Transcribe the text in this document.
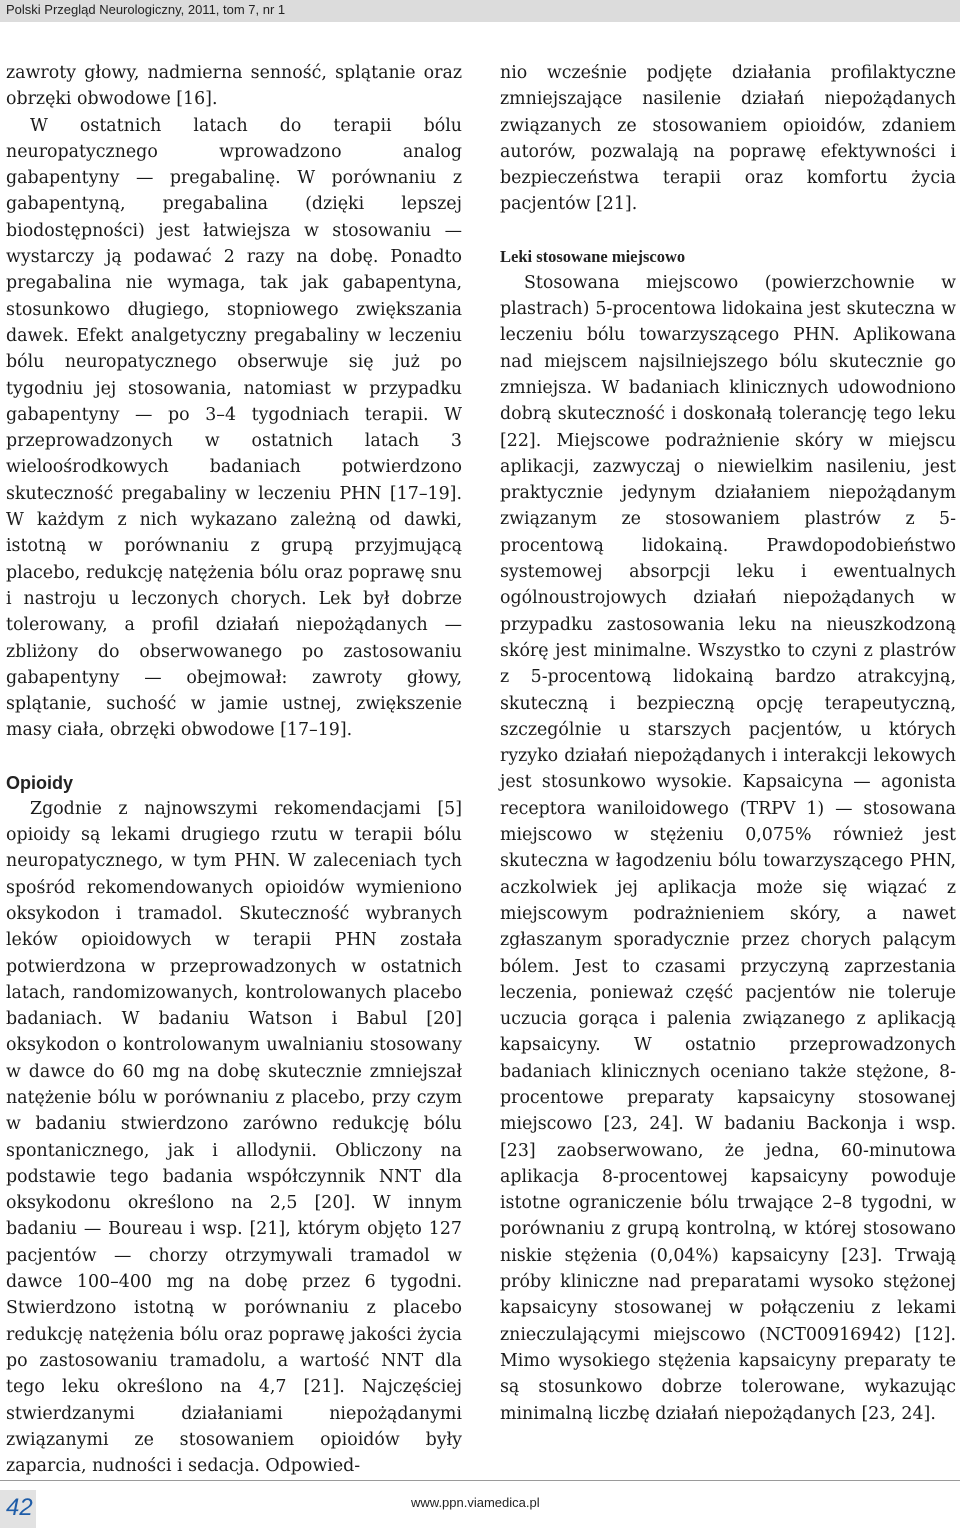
Polski Przegląd Neurologiczny, 2011, tom 7, nr 1

zawroty głowy, nadmierna senność, splątanie oraz obrzęki obwodowe [16].

W ostatnich latach do terapii bólu neuropatycznego wprowadzono analog gabapentyny — pregabalinę. W porównaniu z gabapentyną, pregabalina (dzięki lepszej biodostępności) jest łatwiejsza w stosowaniu — wystarczy ją podawać 2 razy na dobę. Ponadto pregabalina nie wymaga, tak jak gabapentyna, stosunkowo długiego, stopniowego zwiększania dawek. Efekt analgetyczny pregabaliny w leczeniu bólu neuropatycznego obserwuje się już po tygodniu jej stosowania, natomiast w przypadku gabapentyny — po 3–4 tygodniach terapii. W przeprowadzonych w ostatnich latach 3 wieloośrodkowych badaniach potwierdzono skuteczność pregabaliny w leczeniu PHN [17–19]. W każdym z nich wykazano zależną od dawki, istotną w porównaniu z grupą przyjmującą placebo, redukcję natężenia bólu oraz poprawę snu i nastroju u leczonych chorych. Lek był dobrze tolerowany, a profil działań niepożądanych — zbliżony do obserwowanego po zastosowaniu gabapentyny — obejmował: zawroty głowy, splątanie, suchość w jamie ustnej, zwiększenie masy ciała, obrzęki obwodowe [17–19].

Opioidy

Zgodnie z najnowszymi rekomendacjami [5] opioidy są lekami drugiego rzutu w terapii bólu neuropatycznego, w tym PHN. W zaleceniach tych spośród rekomendowanych opioidów wymieniono oksykodon i tramadol. Skuteczność wybranych leków opioidowych w terapii PHN została potwierdzona w przeprowadzonych w ostatnich latach, randomizowanych, kontrolowanych placebo badaniach. W badaniu Watson i Babul [20] oksykodon o kontrolowanym uwalnianiu stosowany w dawce do 60 mg na dobę skutecznie zmniejszał natężenie bólu w porównaniu z placebo, przy czym w badaniu stwierdzono zarówno redukcję bólu spontanicznego, jak i allodynii. Obliczony na podstawie tego badania współczynnik NNT dla oksykodonu określono na 2,5 [20]. W innym badaniu — Boureau i wsp. [21], którym objęto 127 pacjentów — chorzy otrzymywali tramadol w dawce 100–400 mg na dobę przez 6 tygodni. Stwierdzono istotną w porównaniu z placebo redukcję natężenia bólu oraz poprawę jakości życia po zastosowaniu tramadolu, a wartość NNT dla tego leku określono na 4,7 [21]. Najczęściej stwierdzanymi działaniami niepożądanymi związanymi ze stosowaniem opioidów były zaparcia, nudności i sedacja. Odpowied-

nio wcześnie podjęte działania profilaktyczne zmniejszające nasilenie działań niepożądanych związanych ze stosowaniem opioidów, zdaniem autorów, pozwalają na poprawę efektywności i bezpieczeństwa terapii oraz komfortu życia pacjentów [21].

Leki stosowane miejscowo

Stosowana miejscowo (powierzchownie w plastrach) 5-procentowa lidokaina jest skuteczna w leczeniu bólu towarzyszącego PHN. Aplikowana nad miejscem najsilniejszego bólu skutecznie go zmniejsza. W badaniach klinicznych udowodniono dobrą skuteczność i doskonałą tolerancję tego leku [22]. Miejscowe podrażnienie skóry w miejscu aplikacji, zazwyczaj o niewielkim nasileniu, jest praktycznie jedynym działaniem niepożądanym związanym ze stosowaniem plastrów z 5-procentową lidokainą. Prawdopodobieństwo systemowej absorpcji leku i ewentualnych ogólnoustrojowych działań niepożądanych w przypadku zastosowania leku na nieuszkodzoną skórę jest minimalne. Wszystko to czyni z plastrów z 5-procentową lidokainą bardzo atrakcyjną, skuteczną i bezpieczną opcję terapeutyczną, szczególnie u starszych pacjentów, u których ryzyko działań niepożądanych i interakcji lekowych jest stosunkowo wysokie. Kapsaicyna — agonista receptora waniloidowego (TRPV 1) — stosowana miejscowo w stężeniu 0,075% również jest skuteczna w łagodzeniu bólu towarzyszącego PHN, aczkolwiek jej aplikacja może się wiązać z miejscowym podrażnieniem skóry, a nawet zgłaszanym sporadycznie przez chorych palącym bólem. Jest to czasami przyczyną zaprzestania leczenia, ponieważ część pacjentów nie toleruje uczucia gorąca i palenia związanego z aplikacją kapsaicyny. W ostatnio przeprowadzonych badaniach klinicznych oceniano także stężone, 8-procentowe preparaty kapsaicyny stosowanej miejscowo [23, 24]. W badaniu Backonja i wsp. [23] zaobserwowano, że jedna, 60-minutowa aplikacja 8-procentowej kapsaicyny powoduje istotne ograniczenie bólu trwające 2–8 tygodni, w porównaniu z grupą kontrolną, w której stosowano niskie stężenia (0,04%) kapsaicyny [23]. Trwają próby kliniczne nad preparatami wysoko stężonej kapsaicyny stosowanej w połączeniu z lekami znieczulającymi miejscowo (NCT00916942) [12]. Mimo wysokiego stężenia kapsaicyny preparaty te są stosunkowo dobrze tolerowane, wykazując minimalną liczbę działań niepożądanych [23, 24].

42	www.ppn.viamedica.pl
